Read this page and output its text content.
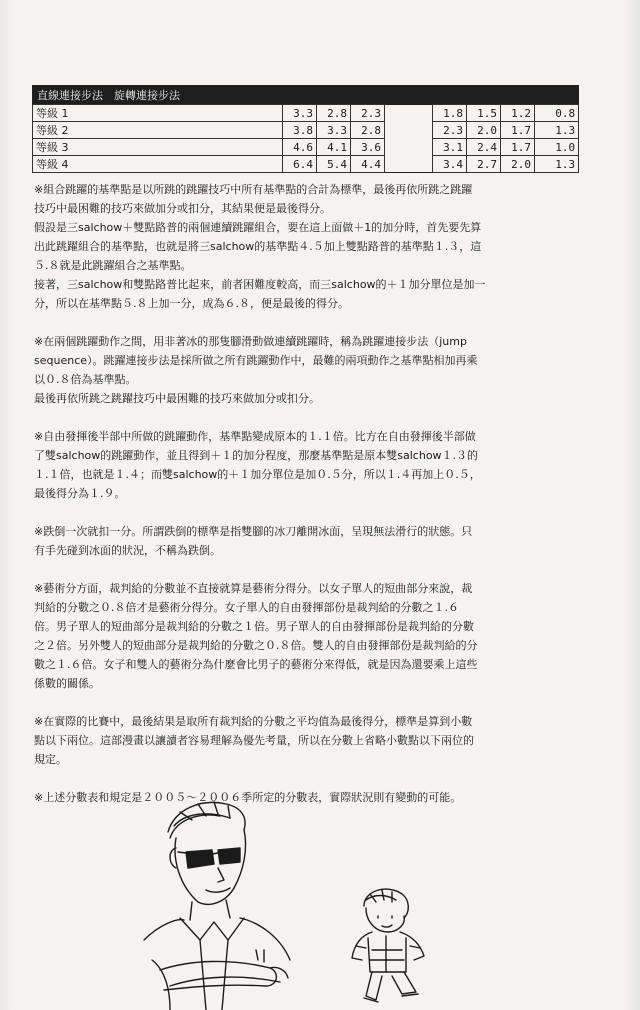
直線連接步法　旋轉連接步法								
等級 1	3.3	2.8	2.3		1.8	1.5	1.2	0.8
等級 2	3.8	3.3	2.8		2.3	2.0	1.7	1.3
等級 3	4.6	4.1	3.6		3.1	2.4	1.7	1.0
等級 4	6.4	5.4	4.4		3.4	2.7	2.0	1.3

※組合跳躍的基準點是以所跳的跳躍技巧中所有基準點的合計為標準，最後再依所跳之跳躍

技巧中最困難的技巧來做加分或扣分，其結果便是最後得分。

假設是三salchow＋雙點路普的兩個連續跳躍組合，要在這上面做＋1的加分時，首先要先算

出此跳躍組合的基準點，也就是將三salchow的基準點４.５加上雙點路普的基準點１.３，這

５.８就是此跳躍組合之基準點。

接著，三salchow和雙點路普比起來，前者困難度較高，而三salchow的＋１加分單位是加一

分，所以在基準點５.８上加一分，成為６.８，便是最後的得分。

※在兩個跳躍動作之間，用非著冰的那隻腳滑動做連續跳躍時，稱為跳躍連接步法（jump

sequence）。跳躍連接步法是採所做之所有跳躍動作中，最難的兩項動作之基準點相加再乘

以０.８倍為基準點。

最後再依所跳之跳躍技巧中最困難的技巧來做加分或扣分。

※自由發揮後半部中所做的跳躍動作，基準點變成原本的１.１倍。比方在自由發揮後半部做

了雙salchow的跳躍動作，並且得到＋１的加分程度，那麼基準點是原本雙salchow１.３的

１.１倍，也就是１.４；而雙salchow的＋１加分單位是加０.５分，所以１.４再加上０.５，

最後得分為１.９。

※跌倒一次就扣一分。所謂跌倒的標準是指雙腳的冰刀離開冰面，呈現無法滑行的狀態。只

有手先碰到冰面的狀況，不稱為跌倒。

※藝術分方面，裁判給的分數並不直接就算是藝術分得分。以女子單人的短曲部分來說，裁

判給的分數之０.８倍才是藝術分得分。女子單人的自由發揮部份是裁判給的分數之１.６

倍。男子單人的短曲部分是裁判給的分數之１倍。男子單人的自由發揮部份是裁判給的分數

之２倍。另外雙人的短曲部分是裁判給的分數之０.８倍。雙人的自由發揮部份是裁判給的分

數之１.６倍。女子和雙人的藝術分為什麼會比男子的藝術分來得低，就是因為還要乘上這些

係數的關係。

※在實際的比賽中，最後結果是取所有裁判給的分數之平均值為最後得分，標準是算到小數

點以下兩位。這部漫畫以讓讀者容易理解為優先考量，所以在分數上省略小數點以下兩位的

規定。

※上述分數表和規定是２００５～２００６季所定的分數表，實際狀況則有變動的可能。
